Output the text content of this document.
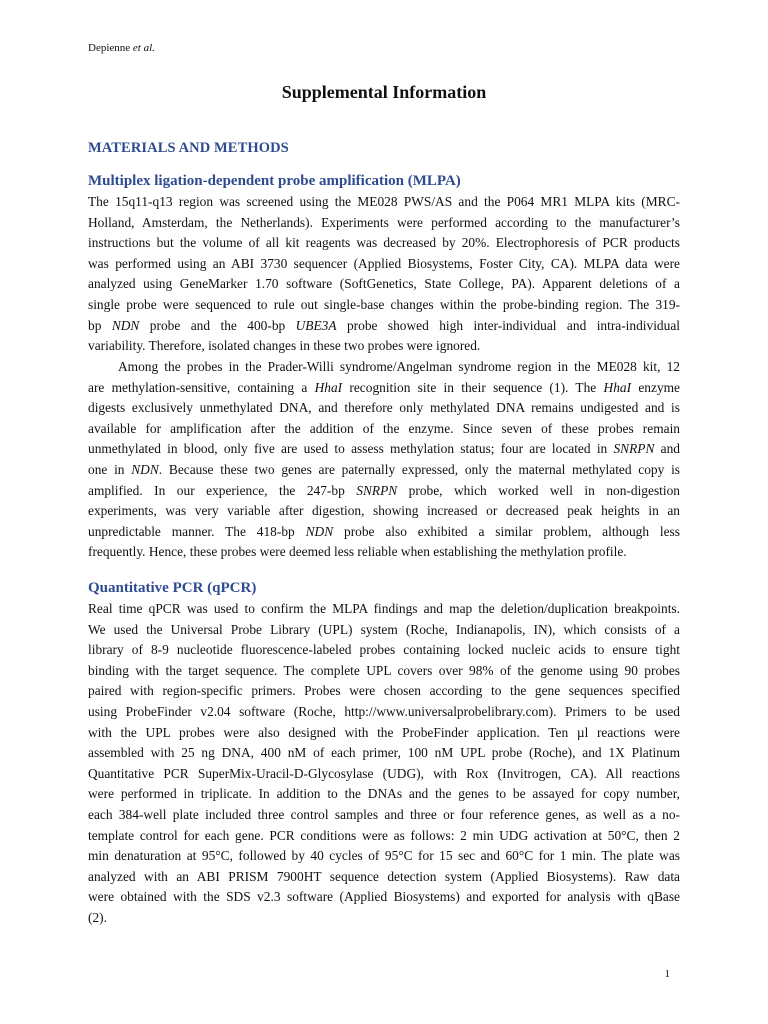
Depienne et al.
Supplemental Information
MATERIALS AND METHODS
Multiplex ligation-dependent probe amplification (MLPA)
The 15q11-q13 region was screened using the ME028 PWS/AS and the P064 MR1 MLPA kits (MRC-
Holland, Amsterdam, the Netherlands). Experiments were performed according to the manufacturer’s
instructions but the volume of all kit reagents was decreased by 20%. Electrophoresis of PCR products
was performed using an ABI 3730 sequencer (Applied Biosystems, Foster City, CA). MLPA data were
analyzed using GeneMarker 1.70 software (SoftGenetics, State College, PA). Apparent deletions of a
single probe were sequenced to rule out single-base changes within the probe-binding region. The 319-
bp NDN probe and the 400-bp UBE3A probe showed high inter-individual and intra-individual
variability. Therefore, isolated changes in these two probes were ignored.
Among the probes in the Prader-Willi syndrome/Angelman syndrome region in the ME028 kit, 12
are methylation-sensitive, containing a HhaI recognition site in their sequence (1). The HhaI enzyme
digests exclusively unmethylated DNA, and therefore only methylated DNA remains undigested and is
available for amplification after the addition of the enzyme. Since seven of these probes remain
unmethylated in blood, only five are used to assess methylation status; four are located in SNRPN and
one in NDN. Because these two genes are paternally expressed, only the maternal methylated copy is
amplified. In our experience, the 247-bp SNRPN probe, which worked well in non-digestion
experiments, was very variable after digestion, showing increased or decreased peak heights in an
unpredictable manner. The 418-bp NDN probe also exhibited a similar problem, although less
frequently. Hence, these probes were deemed less reliable when establishing the methylation profile.
Quantitative PCR (qPCR)
Real time qPCR was used to confirm the MLPA findings and map the deletion/duplication breakpoints.
We used the Universal Probe Library (UPL) system (Roche, Indianapolis, IN), which consists of a
library of 8-9 nucleotide fluorescence-labeled probes containing locked nucleic acids to ensure tight
binding with the target sequence. The complete UPL covers over 98% of the genome using 90 probes
paired with region-specific primers. Probes were chosen according to the gene sequences specified
using ProbeFinder v2.04 software (Roche, http://www.universalprobelibrary.com). Primers to be used
with the UPL probes were also designed with the ProbeFinder application. Ten µl reactions were
assembled with 25 ng DNA, 400 nM of each primer, 100 nM UPL probe (Roche), and 1X Platinum
Quantitative PCR SuperMix-Uracil-D-Glycosylase (UDG), with Rox (Invitrogen, CA). All reactions
were performed in triplicate. In addition to the DNAs and the genes to be assayed for copy number,
each 384-well plate included three control samples and three or four reference genes, as well as a no-
template control for each gene. PCR conditions were as follows: 2 min UDG activation at 50°C, then 2
min denaturation at 95°C, followed by 40 cycles of 95°C for 15 sec and 60°C for 1 min. The plate was
analyzed with an ABI PRISM 7900HT sequence detection system (Applied Biosystems). Raw data
were obtained with the SDS v2.3 software (Applied Biosystems) and exported for analysis with qBase
(2).
1
